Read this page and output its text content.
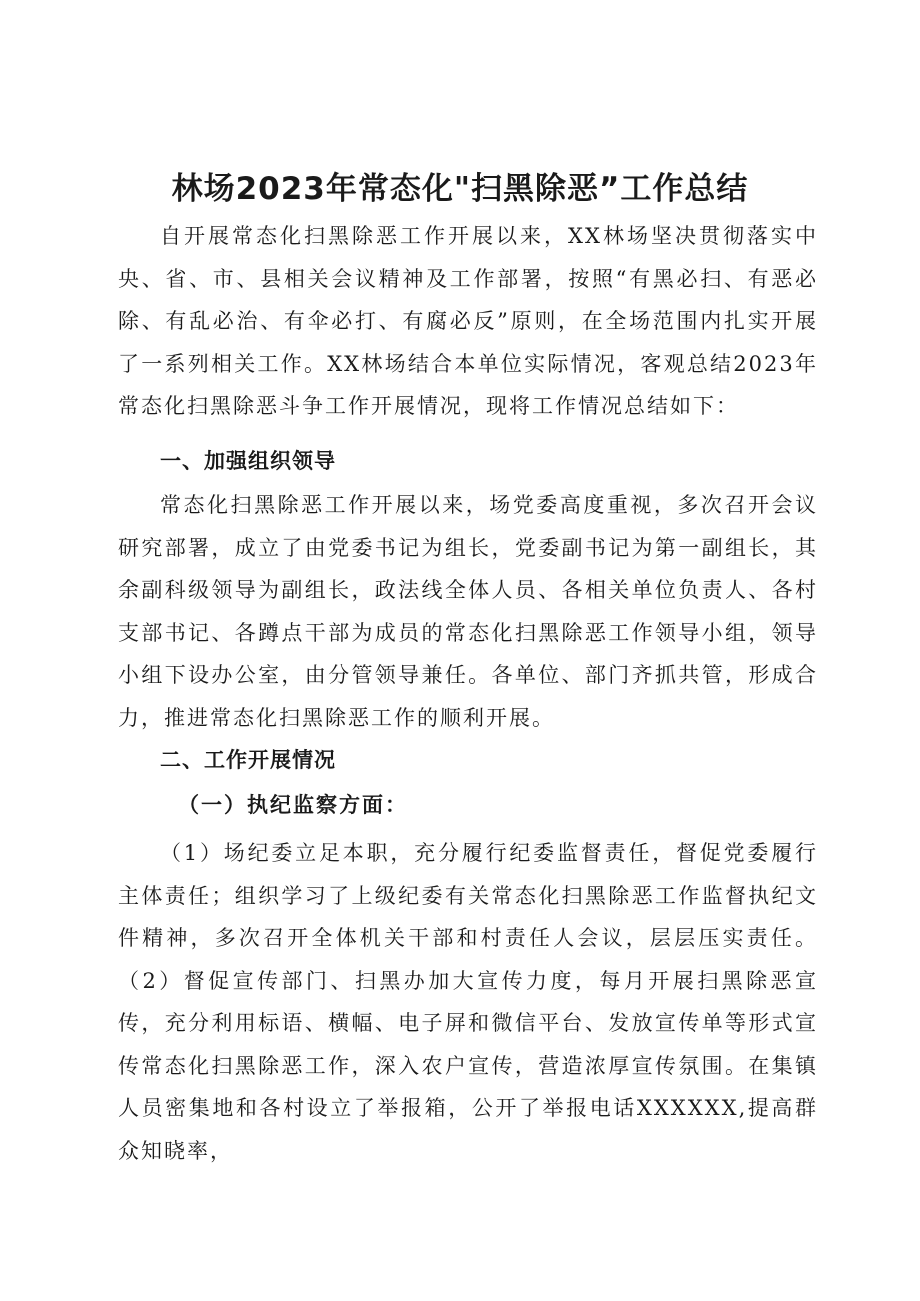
林场2023年常态化"扫黑除恶”工作总结

自开展常态化扫黑除恶工作开展以来，XX林场坚决贯彻落实中央、省、市、县相关会议精神及工作部署，按照“有黑必扫、有恶必除、有乱必治、有伞必打、有腐必反”原则，在全场范围内扎实开展了一系列相关工作。XX林场结合本单位实际情况，客观总结2023年常态化扫黑除恶斗争工作开展情况，现将工作情况总结如下：

一、加强组织领导

常态化扫黑除恶工作开展以来，场党委高度重视，多次召开会议研究部署，成立了由党委书记为组长，党委副书记为第一副组长，其余副科级领导为副组长，政法线全体人员、各相关单位负责人、各村支部书记、各蹲点干部为成员的常态化扫黑除恶工作领导小组，领导小组下设办公室，由分管领导兼任。各单位、部门齐抓共管，形成合力，推进常态化扫黑除恶工作的顺利开展。

二、工作开展情况
（一）执纪监察方面：

（1）场纪委立足本职，充分履行纪委监督责任，督促党委履行主体责任；组织学习了上级纪委有关常态化扫黑除恶工作监督执纪文件精神，多次召开全体机关干部和村责任人会议，层层压实责任。（2）督促宣传部门、扫黑办加大宣传力度，每月开展扫黑除恶宣传，充分利用标语、横幅、电子屏和微信平台、发放宣传单等形式宣传常态化扫黑除恶工作，深入农户宣传，营造浓厚宣传氛围。在集镇人员密集地和各村设立了举报箱，公开了举报电话XXXXXX,提高群众知晓率，
